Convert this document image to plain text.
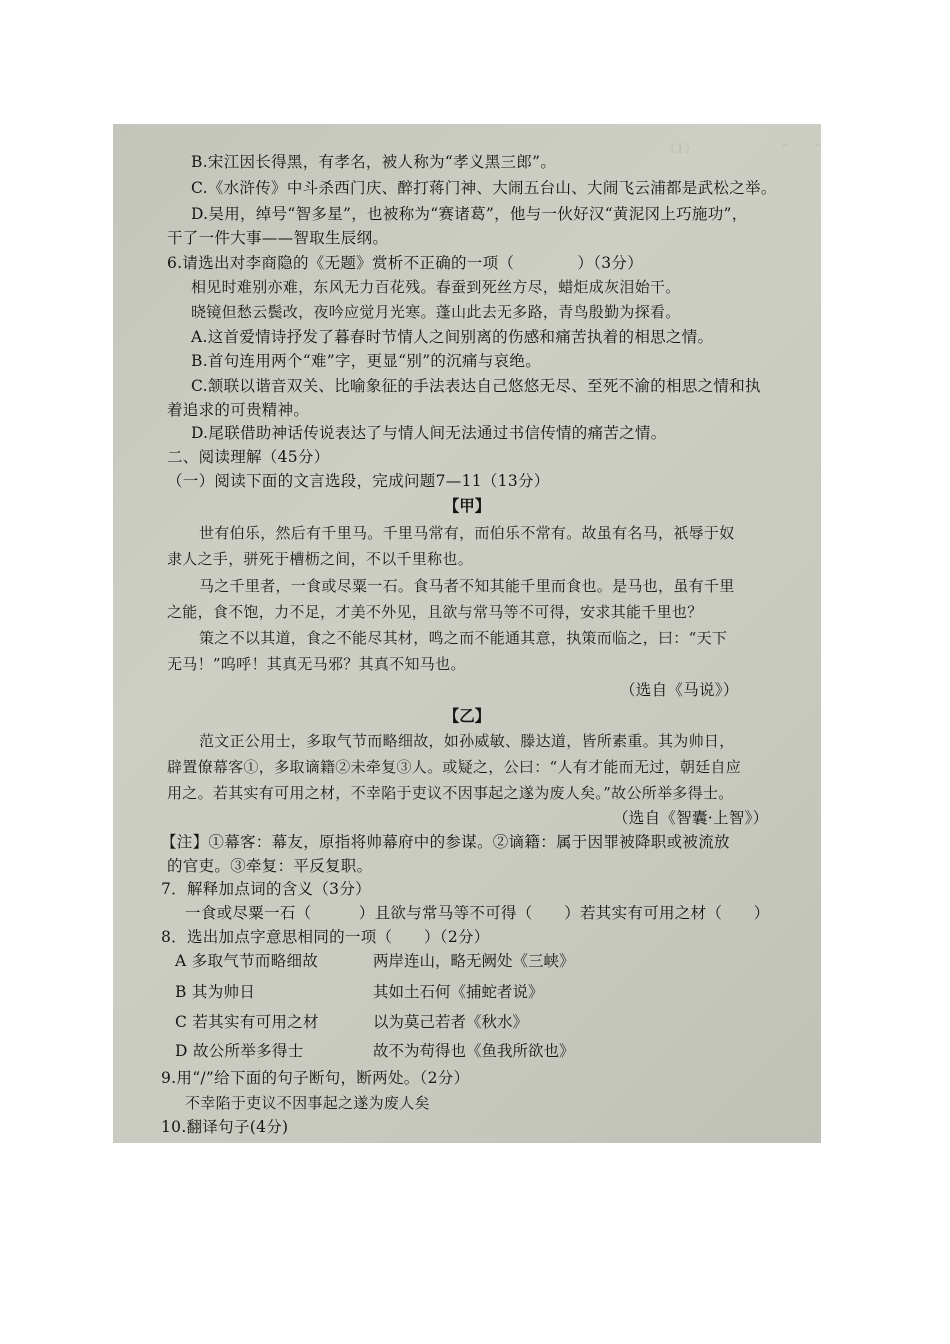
（1）　　　　　　　“　　”

B.宋江因长得黑，有孝名，被人称为“孝义黑三郎”。
C.《水浒传》中斗杀西门庆、醉打蒋门神、大闹五台山、大闹飞云浦都是武松之举。
D.吴用，绰号“智多星”，也被称为“赛诸葛”，他与一伙好汉“黄泥冈上巧施功”，
干了一件大事——智取生辰纲。
6.请选出对李商隐的《无题》赏析不正确的一项（　　　　）（3分）
相见时难别亦难，东风无力百花残。春蚕到死丝方尽，蜡炬成灰泪始干。
晓镜但愁云鬓改，夜吟应觉月光寒。蓬山此去无多路，青鸟殷勤为探看。
A.这首爱情诗抒发了暮春时节情人之间别离的伤感和痛苦执着的相思之情。
B.首句连用两个“难”字，更显“别”的沉痛与哀绝。
C.颔联以谐音双关、比喻象征的手法表达自己悠悠无尽、至死不渝的相思之情和执
着追求的可贵精神。
D.尾联借助神话传说表达了与情人间无法通过书信传情的痛苦之情。
二、阅读理解（45分）
（一）阅读下面的文言选段，完成问题7—11（13分）
【甲】
世有伯乐，然后有千里马。千里马常有，而伯乐不常有。故虽有名马，祇辱于奴
隶人之手，骈死于槽枥之间，不以千里称也。
马之千里者，一食或尽粟一石。食马者不知其能千里而食也。是马也，虽有千里
之能，食不饱，力不足，才美不外见，且欲与常马等不可得，安求其能千里也？
策之不以其道，食之不能尽其材，鸣之而不能通其意，执策而临之，曰：“天下
无马！”呜呼！其真无马邪？其真不知马也。
（选自《马说》）
【乙】
范文正公用士，多取气节而略细故，如孙威敏、滕达道，皆所素重。其为帅日，
辟置僚幕客①，多取谪籍②未牵复③人。或疑之，公曰：“人有才能而无过，朝廷自应
用之。若其实有可用之材，不幸陷于吏议不因事起之遂为废人矣。”故公所举多得士。
（选自《智囊·上智》）
【注】①幕客：幕友，原指将帅幕府中的参谋。②谪籍：属于因罪被降职或被流放
的官吏。③牵复：平反复职。
7．解释加点词的含义（3分）
一食或尽粟一石（　　　）且欲与常马等不可得（　　）若其实有可用之材（　　）
8．选出加点字意思相同的一项（　　）（2分）
A 多取气节而略细故	两岸连山，略无阙处《三峡》
B 其为帅日	其如土石何《捕蛇者说》
C 若其实有可用之材	以为莫己若者《秋水》
D 故公所举多得士	故不为苟得也《鱼我所欲也》
9.用“/”给下面的句子断句，断两处。（2分）
不幸陷于吏议不因事起之遂为废人矣
10.翻译句子(4分)
